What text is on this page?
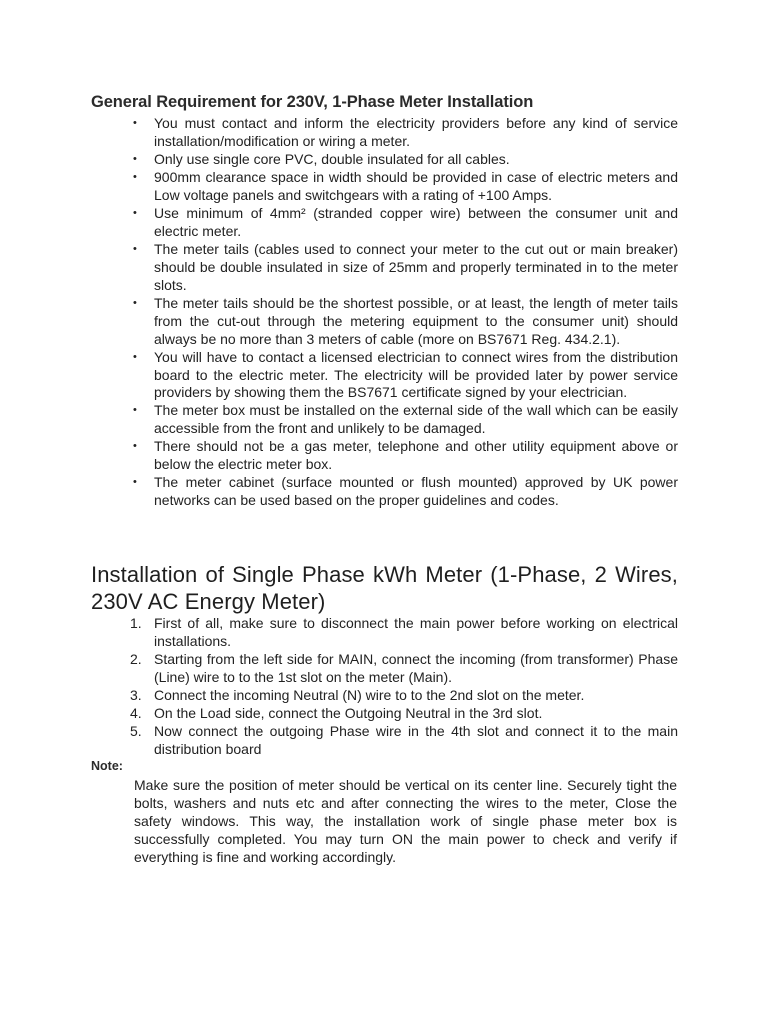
General Requirement for 230V, 1-Phase Meter Installation
•	You must contact and inform the electricity providers before any kind of service installation/modification or wiring a meter.
•	Only use single core PVC, double insulated for all cables.
•	900mm clearance space in width should be provided in case of electric meters and Low voltage panels and switchgears with a rating of +100 Amps.
•	Use minimum of 4mm² (stranded copper wire) between the consumer unit and electric meter.
•	The meter tails (cables used to connect your meter to the cut out or main breaker) should be double insulated in size of 25mm and properly terminated in to the meter slots.
•	The meter tails should be the shortest possible, or at least, the length of meter tails from the cut-out through the metering equipment to the consumer unit) should always be no more than 3 meters of cable (more on BS7671 Reg. 434.2.1).
•	You will have to contact a licensed electrician to connect wires from the distribution board to the electric meter. The electricity will be provided later by power service providers by showing them the BS7671 certificate signed by your electrician.
•	The meter box must be installed on the external side of the wall which can be easily accessible from the front and unlikely to be damaged.
•	There should not be a gas meter, telephone and other utility equipment above or below the electric meter box.
•	The meter cabinet (surface mounted or flush mounted) approved by UK power networks can be used based on the proper guidelines and codes.
Installation of Single Phase kWh Meter (1-Phase, 2 Wires, 230V AC Energy Meter)
1. First of all, make sure to disconnect the main power before working on electrical installations.
2. Starting from the left side for MAIN, connect the incoming (from transformer) Phase (Line) wire to to the 1st slot on the meter (Main).
3. Connect the incoming Neutral (N) wire to to the 2nd slot on the meter.
4. On the Load side, connect the Outgoing Neutral in the 3rd slot.
5. Now connect the outgoing Phase wire in the 4th slot and connect it to the main distribution board
Note:
Make sure the position of meter should be vertical on its center line. Securely tight the bolts, washers and nuts etc and after connecting the wires to the meter, Close the safety windows. This way, the installation work of single phase meter box is successfully completed. You may turn ON the main power to check and verify if everything is fine and working accordingly.
